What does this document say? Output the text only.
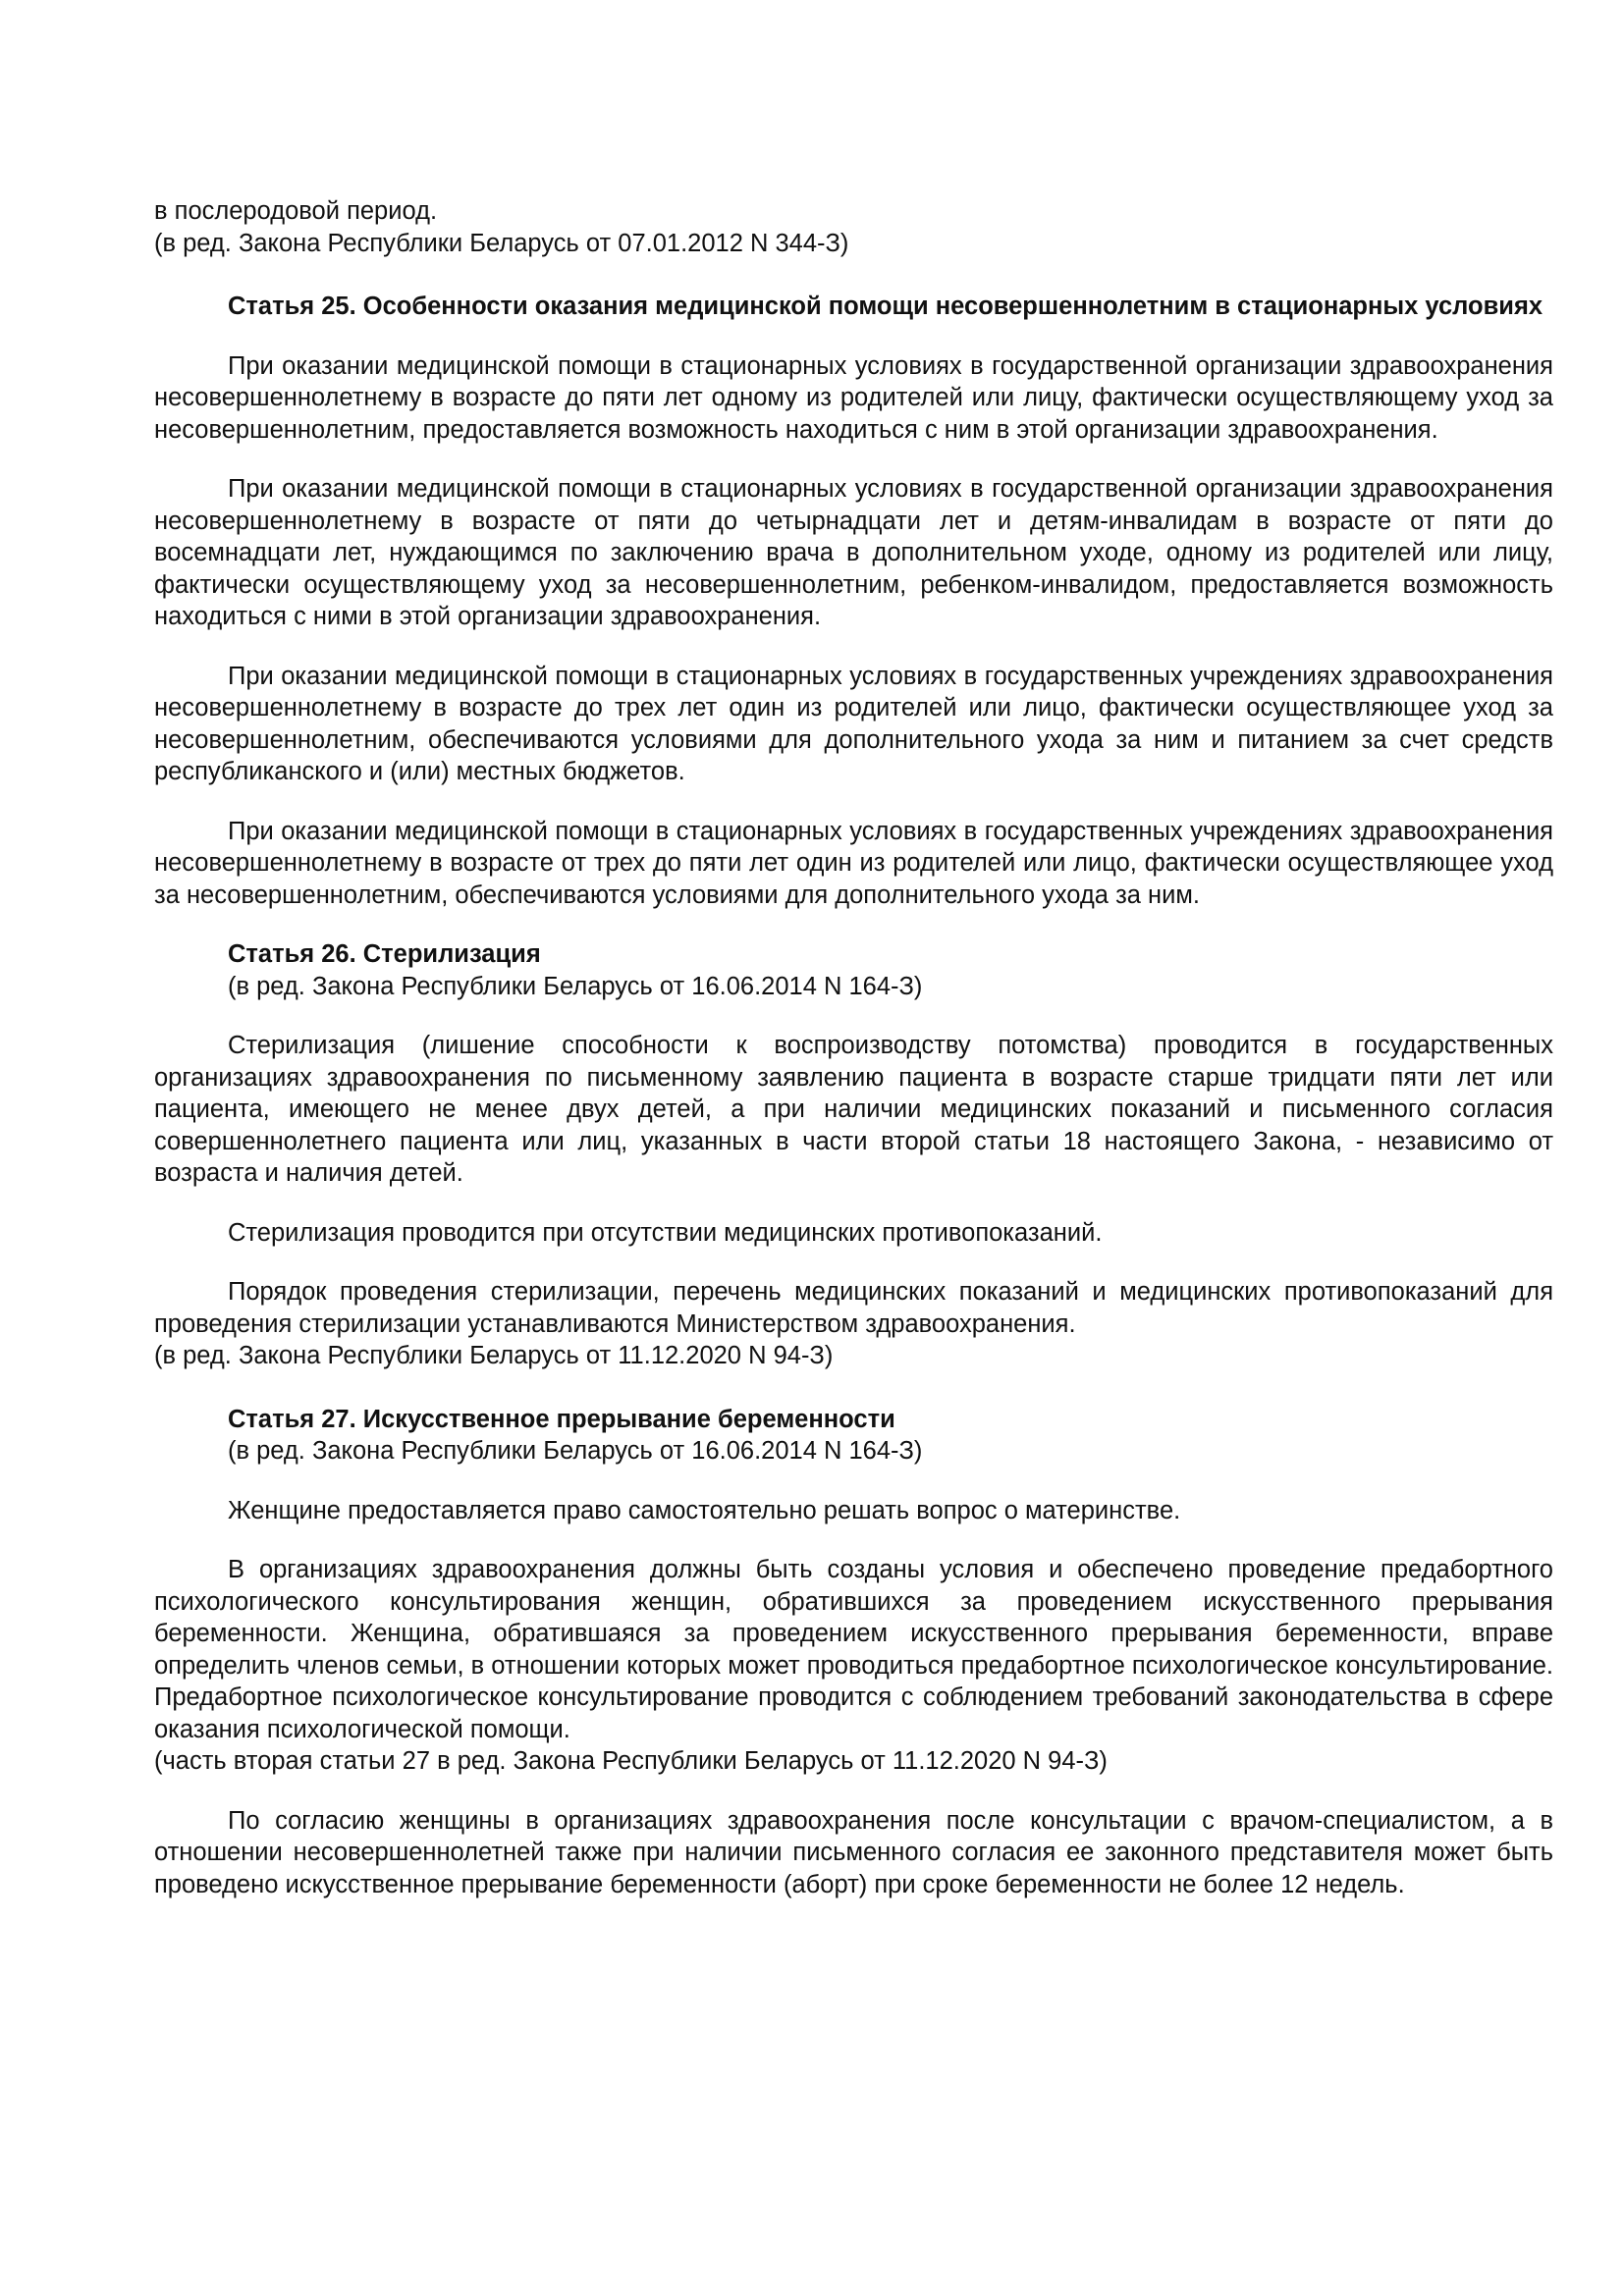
в послеродовой период.

(в ред. Закона Республики Беларусь от 07.01.2012 N 344-З)

Статья 25. Особенности оказания медицинской помощи несовершеннолетним в стационарных условиях

При оказании медицинской помощи в стационарных условиях в государственной организации здравоохранения несовершеннолетнему в возрасте до пяти лет одному из родителей или лицу, фактически осуществляющему уход за несовершеннолетним, предоставляется возможность находиться с ним в этой организации здравоохранения.

При оказании медицинской помощи в стационарных условиях в государственной организации здравоохранения несовершеннолетнему в возрасте от пяти до четырнадцати лет и детям-инвалидам в возрасте от пяти до восемнадцати лет, нуждающимся по заключению врача в дополнительном уходе, одному из родителей или лицу, фактически осуществляющему уход за несовершеннолетним, ребенком-инвалидом, предоставляется возможность находиться с ними в этой организации здравоохранения.

При оказании медицинской помощи в стационарных условиях в государственных учреждениях здравоохранения несовершеннолетнему в возрасте до трех лет один из родителей или лицо, фактически осуществляющее уход за несовершеннолетним, обеспечиваются условиями для дополнительного ухода за ним и питанием за счет средств республиканского и (или) местных бюджетов.

При оказании медицинской помощи в стационарных условиях в государственных учреждениях здравоохранения несовершеннолетнему в возрасте от трех до пяти лет один из родителей или лицо, фактически осуществляющее уход за несовершеннолетним, обеспечиваются условиями для дополнительного ухода за ним.

Статья 26. Стерилизация

(в ред. Закона Республики Беларусь от 16.06.2014 N 164-З)

Стерилизация (лишение способности к воспроизводству потомства) проводится в государственных организациях здравоохранения по письменному заявлению пациента в возрасте старше тридцати пяти лет или пациента, имеющего не менее двух детей, а при наличии медицинских показаний и письменного согласия совершеннолетнего пациента или лиц, указанных в части второй статьи 18 настоящего Закона, - независимо от возраста и наличия детей.

Стерилизация проводится при отсутствии медицинских противопоказаний.

Порядок проведения стерилизации, перечень медицинских показаний и медицинских противопоказаний для проведения стерилизации устанавливаются Министерством здравоохранения.

(в ред. Закона Республики Беларусь от 11.12.2020 N 94-З)

Статья 27. Искусственное прерывание беременности

(в ред. Закона Республики Беларусь от 16.06.2014 N 164-З)

Женщине предоставляется право самостоятельно решать вопрос о материнстве.

В организациях здравоохранения должны быть созданы условия и обеспечено проведение предабортного психологического консультирования женщин, обратившихся за проведением искусственного прерывания беременности. Женщина, обратившаяся за проведением искусственного прерывания беременности, вправе определить членов семьи, в отношении которых может проводиться предабортное психологическое консультирование. Предабортное психологическое консультирование проводится с соблюдением требований законодательства в сфере оказания психологической помощи.

(часть вторая статьи 27 в ред. Закона Республики Беларусь от 11.12.2020 N 94-З)

По согласию женщины в организациях здравоохранения после консультации с врачом-специалистом, а в отношении несовершеннолетней также при наличии письменного согласия ее законного представителя может быть проведено искусственное прерывание беременности (аборт) при сроке беременности не более 12 недель.
